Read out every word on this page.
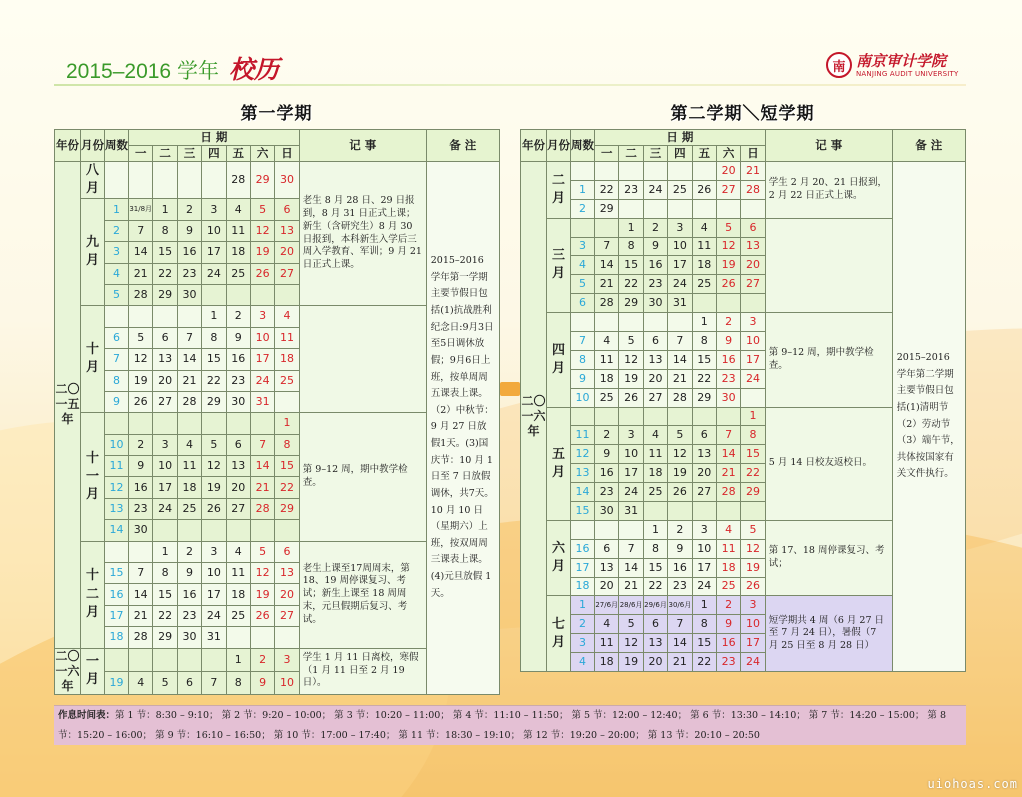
2015–2016 学年 校历	南 南京审计学院
NANJING AUDIT UNIVERSITY
第一学期	第二学期＼短学期
年份	月份	周数	日 期							记 事	备 注
			一	二	三	四	五	六	日		
二〇一五年	八月						28	29	30	老生 8 月 28 日、29 日报到，8 月 31 日正式上课；新生（含研究生）8 月 30 日报到，本科新生入学后三周入学教育、军训；9 月 21 日正式上课。	2015–2016 学年第一学期主要节假日包括(1)抗战胜利纪念日:9月3日至5日调休放假；9月6日上班，按单周周五课表上课。（2）中秋节：9 月 27 日放假1天。(3)国庆节：10 月 1 日至 7 日放假调休，共7天。10 月 10 日（星期六）上班，按双周周三课表上课。(4)元旦放假 1 天。
	九月	1	31/8月	1	2	3	4	5	6		
		2	7	8	9	10	11	12	13		
		3	14	15	16	17	18	19	20		
		4	21	22	23	24	25	26	27		
		5	28	29	30						
	十月					1	2	3	4		
		6	5	6	7	8	9	10	11		
		7	12	13	14	15	16	17	18		
		8	19	20	21	22	23	24	25		
		9	26	27	28	29	30	31			
	十一月								1	第 9–12 周，期中教学检查。	
		10	2	3	4	5	6	7	8		
		11	9	10	11	12	13	14	15		
		12	16	17	18	19	20	21	22		
		13	23	24	25	26	27	28	29		
		14	30								
	十二月			1	2	3	4	5	6	老生上课至17周周末，第 18、19 周停课复习、考试；新生上课至 18 周周末，元旦假期后复习、考试。	
		15	7	8	9	10	11	12	13		
		16	14	15	16	17	18	19	20		
		17	21	22	23	24	25	26	27		
		18	28	29	30	31					
二〇一六年	一月						1	2	3	学生 1 月 11 日离校，寒假（1 月 11 日至 2 月 19 日）。	
		19	4	5	6	7	8	9	10		
年份	月份	周数	日 期							记 事	备 注
			一	二	三	四	五	六	日		
二〇一六年	二月							20	21	学生 2 月 20、21 日报到，2 月 22 日正式上课。	2015–2016 学年第二学期主要节假日包括(1)清明节（2）劳动节（3）端午节，共体按国家有关文件执行。
		1	22	23	24	25	26	27	28		
		2	29								
	三月			1	2	3	4	5	6		
		3	7	8	9	10	11	12	13		
		4	14	15	16	17	18	19	20		
		5	21	22	23	24	25	26	27		
		6	28	29	30	31					
	四月						1	2	3	第 9–12 周，期中教学检查。	
		7	4	5	6	7	8	9	10		
		8	11	12	13	14	15	16	17		
		9	18	19	20	21	22	23	24		
		10	25	26	27	28	29	30			
	五月								1	5 月 14 日校友返校日。	
		11	2	3	4	5	6	7	8		
		12	9	10	11	12	13	14	15		
		13	16	17	18	19	20	21	22		
		14	23	24	25	26	27	28	29		
		15	30	31							
	六月				1	2	3	4	5	第 17、18 周停课复习、考试；	
		16	6	7	8	9	10	11	12		
		17	13	14	15	16	17	18	19		
		18	20	21	22	23	24	25	26		
	七月	1	27/6月	28/6月	29/6月	30/6月	1	2	3	短学期共 4 周（6 月 27 日至 7 月 24 日），暑假（7 月 25 日至 8 月 28 日）	
		2	4	5	6	7	8	9	10		
		3	11	12	13	14	15	16	17		
		4	18	19	20	21	22	23	24		
作息时间表：第 1 节：8:30 – 9:10； 第 2 节：9:20 – 10:00； 第 3 节：10:20 – 11:00； 第 4 节：11:10 – 11:50； 第 5 节：12:00 – 12:40； 第 6 节：13:30 – 14:10； 第 7 节：14:20 – 15:00； 第 8 节：15:20 – 16:00； 第 9 节：16:10 – 16:50； 第 10 节：17:00 – 17:40； 第 11 节：18:30 – 19:10； 第 12 节：19:20 – 20:00； 第 13 节：20:10 – 20:50
uiohoas.com
